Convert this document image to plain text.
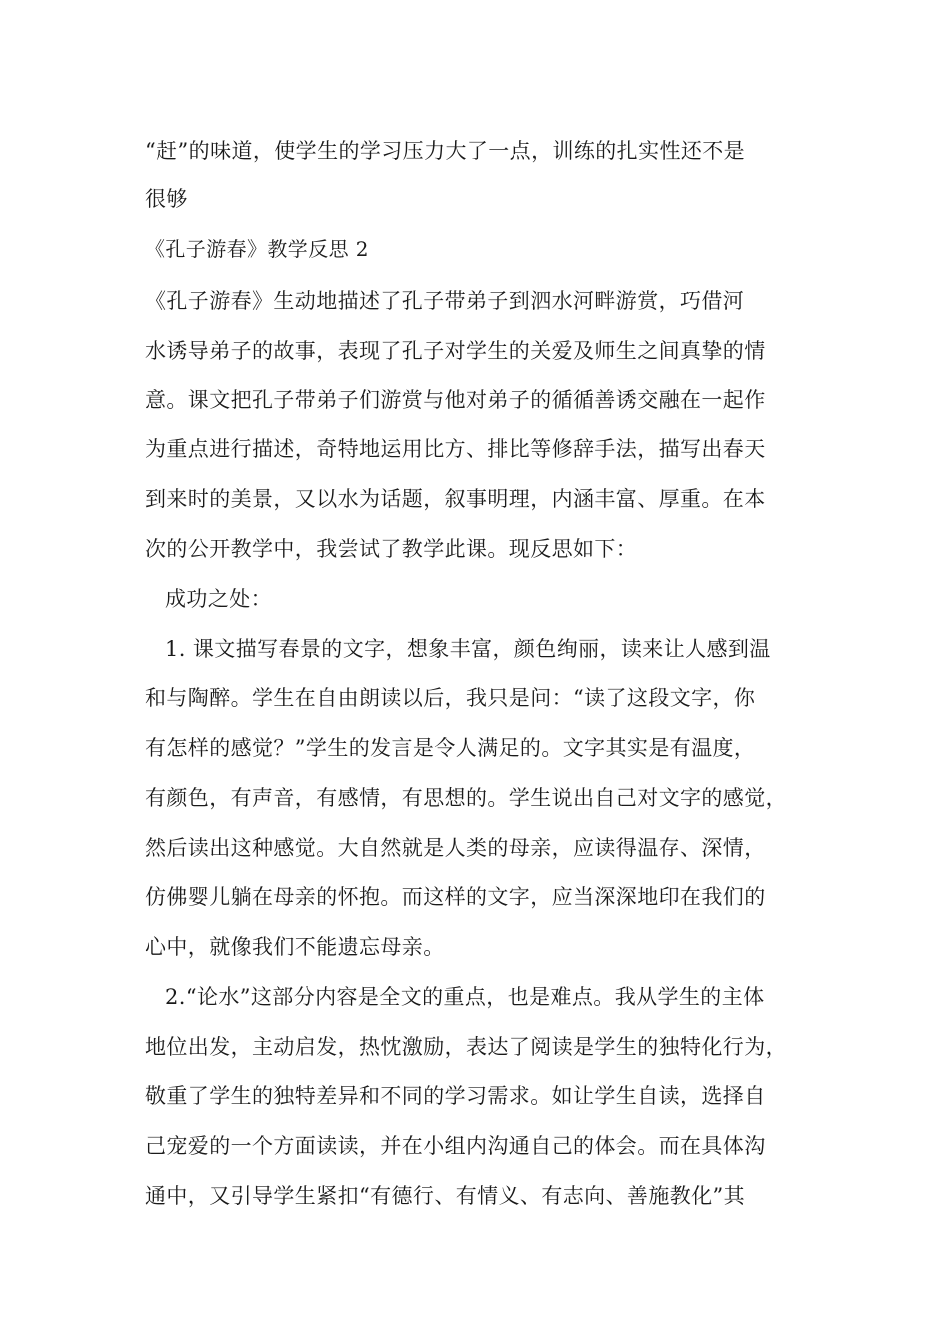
“赶”的味道，使学生的学习压力大了一点，训练的扎实性还不是
很够
《孔子游春》教学反思 2
《孔子游春》生动地描述了孔子带弟子到泗水河畔游赏，巧借河
水诱导弟子的故事，表现了孔子对学生的关爱及师生之间真挚的情
意。课文把孔子带弟子们游赏与他对弟子的循循善诱交融在一起作
为重点进行描述，奇特地运用比方、排比等修辞手法，描写出春天
到来时的美景，又以水为话题，叙事明理，内涵丰富、厚重。在本
次的公开教学中，我尝试了教学此课。现反思如下：
成功之处：
1. 课文描写春景的文字，想象丰富，颜色绚丽，读来让人感到温
和与陶醉。学生在自由朗读以后，我只是问：“读了这段文字，你
有怎样的感觉？”学生的发言是令人满足的。文字其实是有温度，
有颜色，有声音，有感情，有思想的。学生说出自己对文字的感觉，
然后读出这种感觉。大自然就是人类的母亲，应读得温存、深情，
仿佛婴儿躺在母亲的怀抱。而这样的文字，应当深深地印在我们的
心中，就像我们不能遗忘母亲。
2.“论水”这部分内容是全文的重点，也是难点。我从学生的主体
地位出发，主动启发，热忱激励，表达了阅读是学生的独特化行为，
敬重了学生的独特差异和不同的学习需求。如让学生自读，选择自
己宠爱的一个方面读读，并在小组内沟通自己的体会。而在具体沟
通中，又引导学生紧扣“有德行、有情义、有志向、善施教化”其
